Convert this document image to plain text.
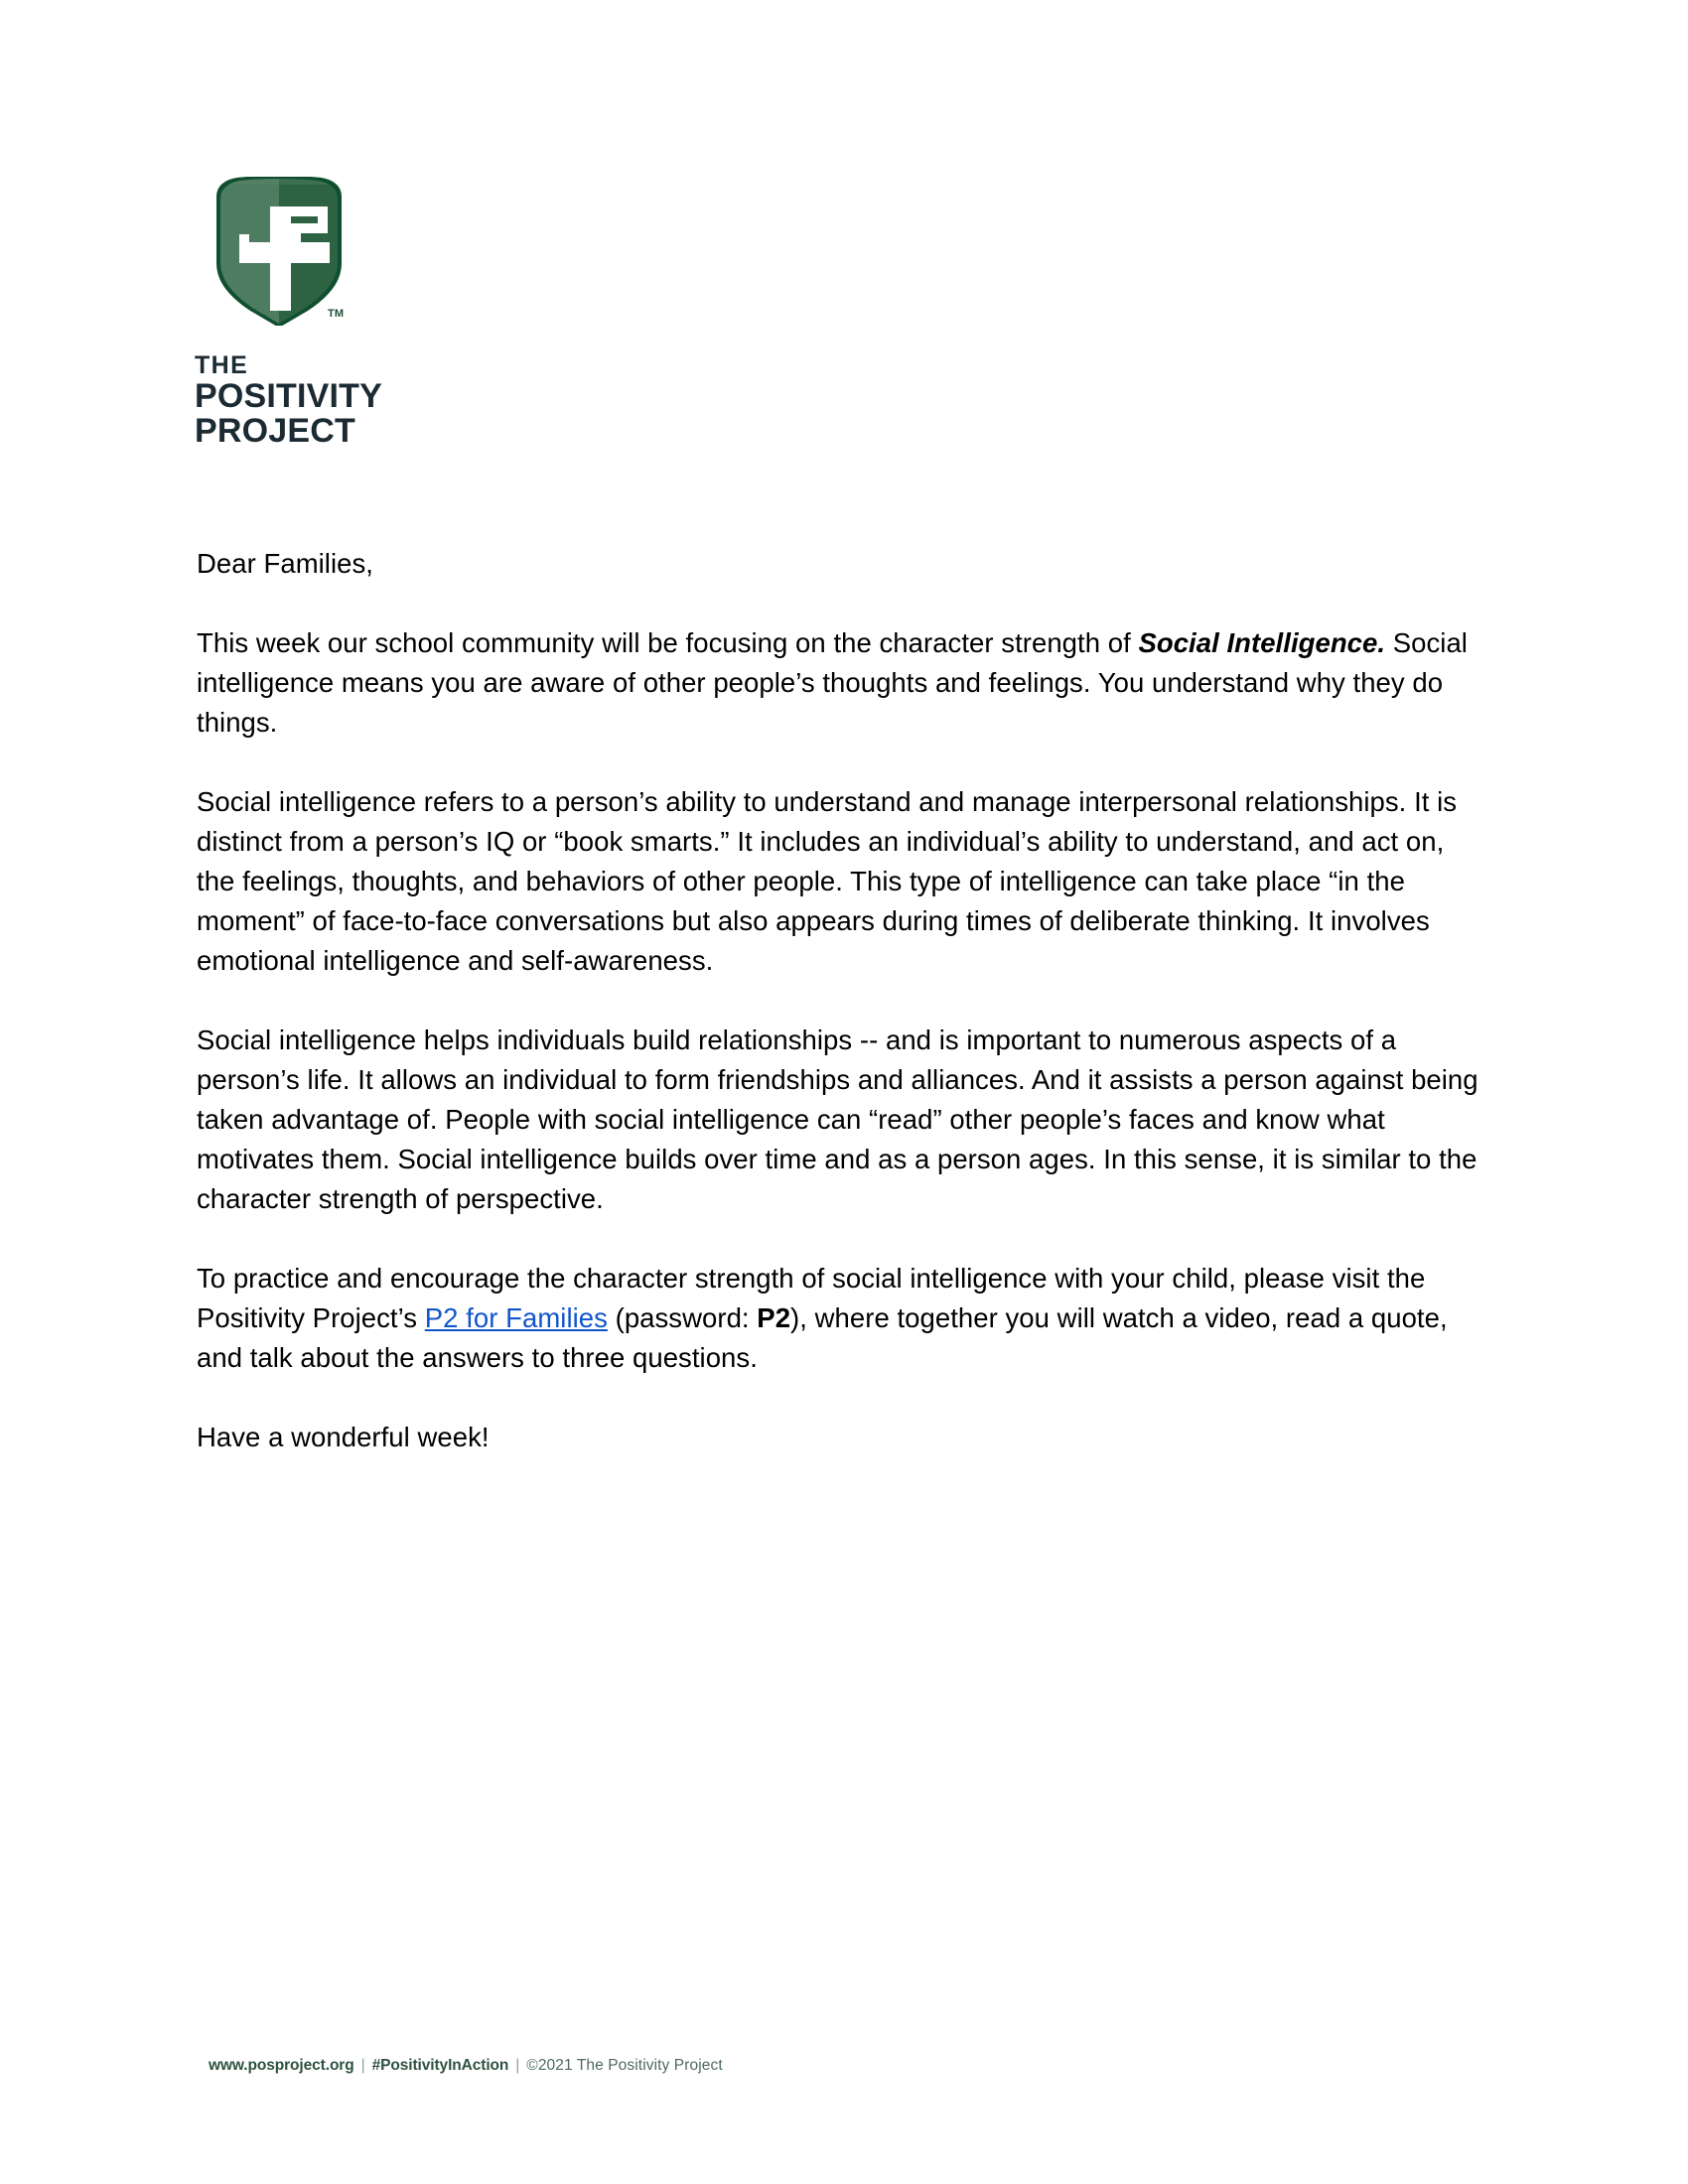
TM
THE
POSITIVITY
PROJECT

Dear Families,

This week our school community will be focusing on the character strength of Social Intelligence. Social intelligence means you are aware of other people’s thoughts and feelings. You understand why they do things.

Social intelligence refers to a person’s ability to understand and manage interpersonal relationships. It is distinct from a person’s IQ or “book smarts.” It includes an individual’s ability to understand, and act on, the feelings, thoughts, and behaviors of other people. This type of intelligence can take place “in the moment” of face-to-face conversations but also appears during times of deliberate thinking. It involves emotional intelligence and self-awareness.

Social intelligence helps individuals build relationships -- and is important to numerous aspects of a person’s life. It allows an individual to form friendships and alliances. And it assists a person against being taken advantage of. People with social intelligence can “read” other people’s faces and know what motivates them. Social intelligence builds over time and as a person ages. In this sense, it is similar to the character strength of perspective.

To practice and encourage the character strength of social intelligence with your child, please visit the Positivity Project’s P2 for Families (password: P2), where together you will watch a video, read a quote, and talk about the answers to three questions.

Have a wonderful week!

www.posproject.org | #PositivityInAction | ©2021 The Positivity Project
